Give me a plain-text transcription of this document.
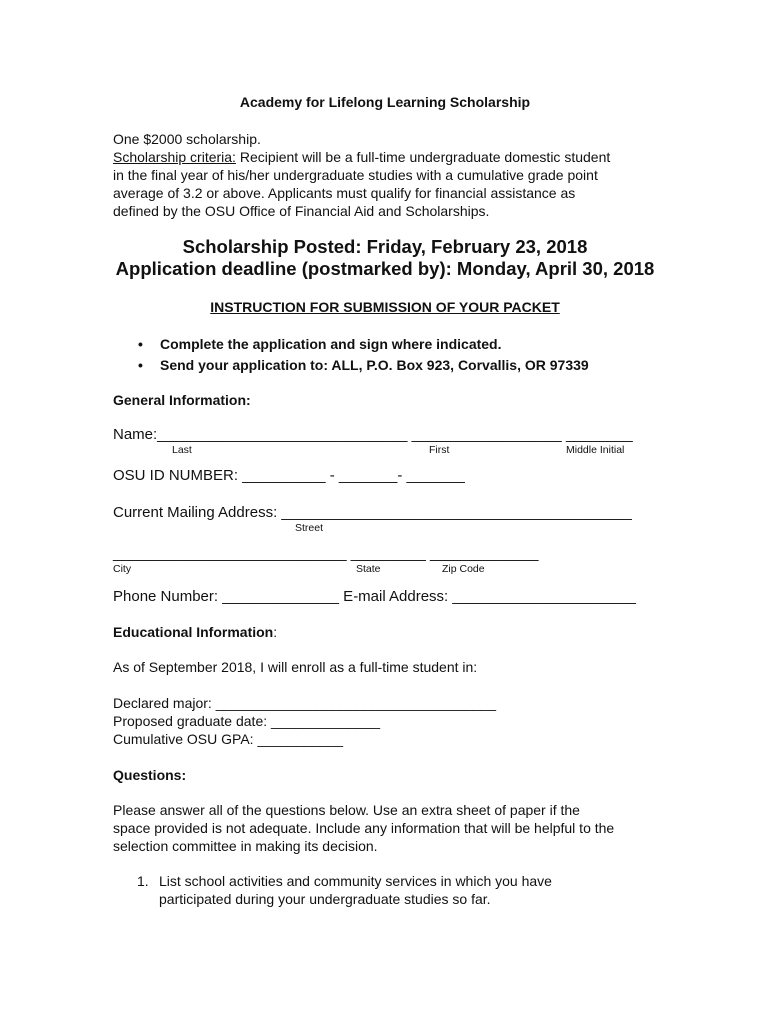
Academy for Lifelong Learning Scholarship
One $2000 scholarship.
Scholarship criteria: Recipient will be a full-time undergraduate domestic student
in the final year of his/her undergraduate studies with a cumulative grade point
average of 3.2 or above. Applicants must qualify for financial assistance as
defined by the OSU Office of Financial Aid and Scholarships.
Scholarship Posted: Friday, February 23, 2018
Application deadline (postmarked by): Monday, April 30, 2018
INSTRUCTION FOR SUBMISSION OF YOUR PACKET
• Complete the application and sign where indicated.
• Send your application to: ALL, P.O. Box 923, Corvallis, OR 97339
General Information:
Name:______________________________ __________________ ________
Last	First	Middle Initial
OSU ID NUMBER: __________ - _______- _______
Current Mailing Address: __________________________________________
Street
____________________________ _________ _____________
City	State	Zip Code
Phone Number: ______________ E-mail Address: ______________________
Educational Information:
As of September 2018, I will enroll as a full-time student in:
Declared major: ____________________________________
Proposed graduate date: ______________
Cumulative OSU GPA: ___________
Questions:
Please answer all of the questions below. Use an extra sheet of paper if the
space provided is not adequate. Include any information that will be helpful to the
selection committee in making its decision.
1. List school activities and community services in which you have
participated during your undergraduate studies so far.
